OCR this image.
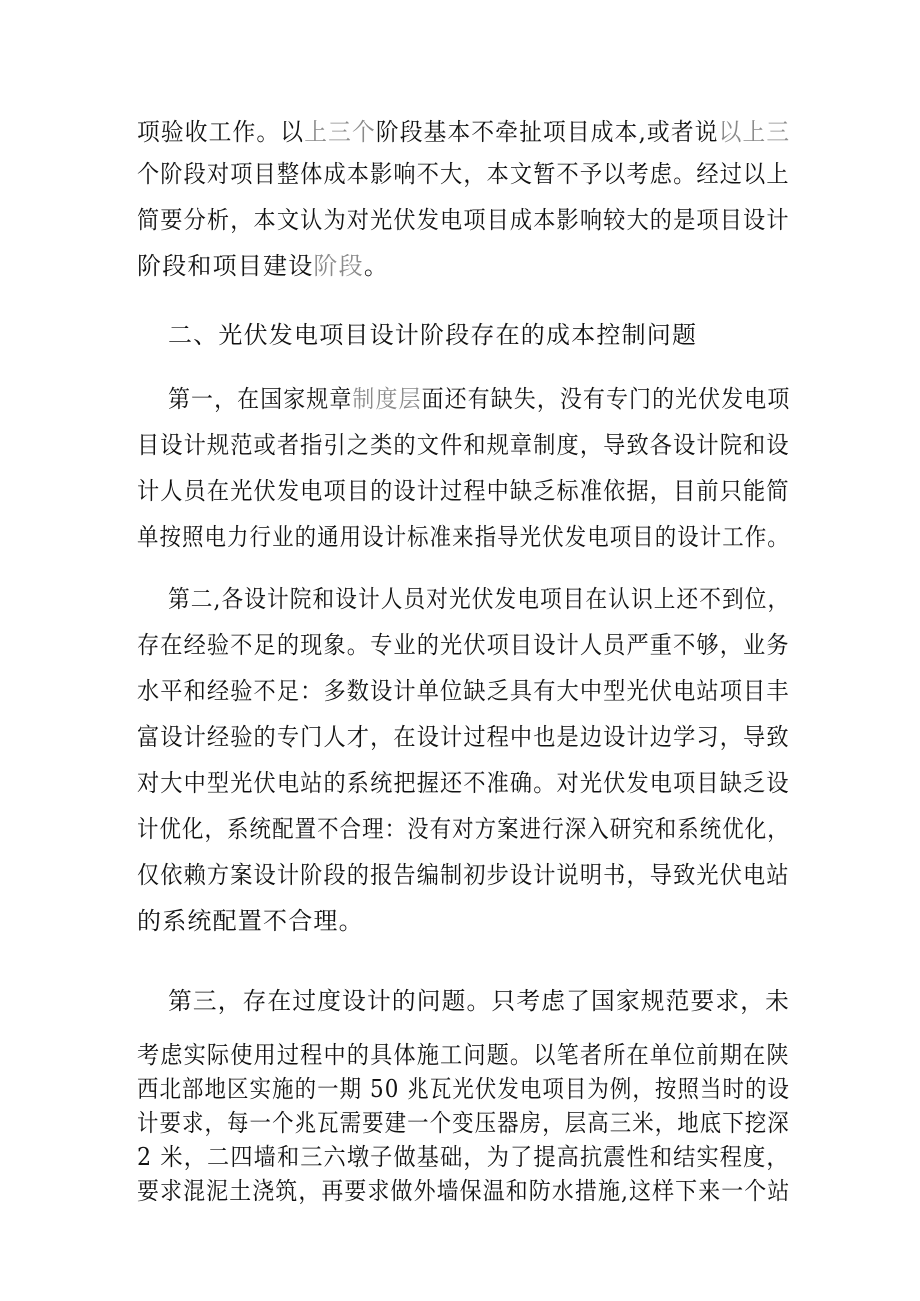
项验收工作。以上三个阶段基本不牵扯项目成本,或者说以上三
个阶段对项目整体成本影响不大，本文暂不予以考虑。经过以上
简要分析，本文认为对光伏发电项目成本影响较大的是项目设计
阶段和项目建设阶段。
二、光伏发电项目设计阶段存在的成本控制问题
第一，在国家规章制度层面还有缺失，没有专门的光伏发电项
目设计规范或者指引之类的文件和规章制度，导致各设计院和设
计人员在光伏发电项目的设计过程中缺乏标准依据，目前只能简
单按照电力行业的通用设计标准来指导光伏发电项目的设计工作。
第二,各设计院和设计人员对光伏发电项目在认识上还不到位，
存在经验不足的现象。专业的光伏项目设计人员严重不够，业务
水平和经验不足：多数设计单位缺乏具有大中型光伏电站项目丰
富设计经验的专门人才，在设计过程中也是边设计边学习，导致
对大中型光伏电站的系统把握还不准确。对光伏发电项目缺乏设
计优化，系统配置不合理：没有对方案进行深入研究和系统优化，
仅依赖方案设计阶段的报告编制初步设计说明书，导致光伏电站
的系统配置不合理。
第三，存在过度设计的问题。只考虑了国家规范要求，未
考虑实际使用过程中的具体施工问题。以笔者所在单位前期在陕
西北部地区实施的一期 50 兆瓦光伏发电项目为例，按照当时的设
计要求，每一个兆瓦需要建一个变压器房，层高三米，地底下挖深
2 米，二四墙和三六墩子做基础，为了提高抗震性和结实程度，
要求混泥土浇筑，再要求做外墙保温和防水措施,这样下来一个站
